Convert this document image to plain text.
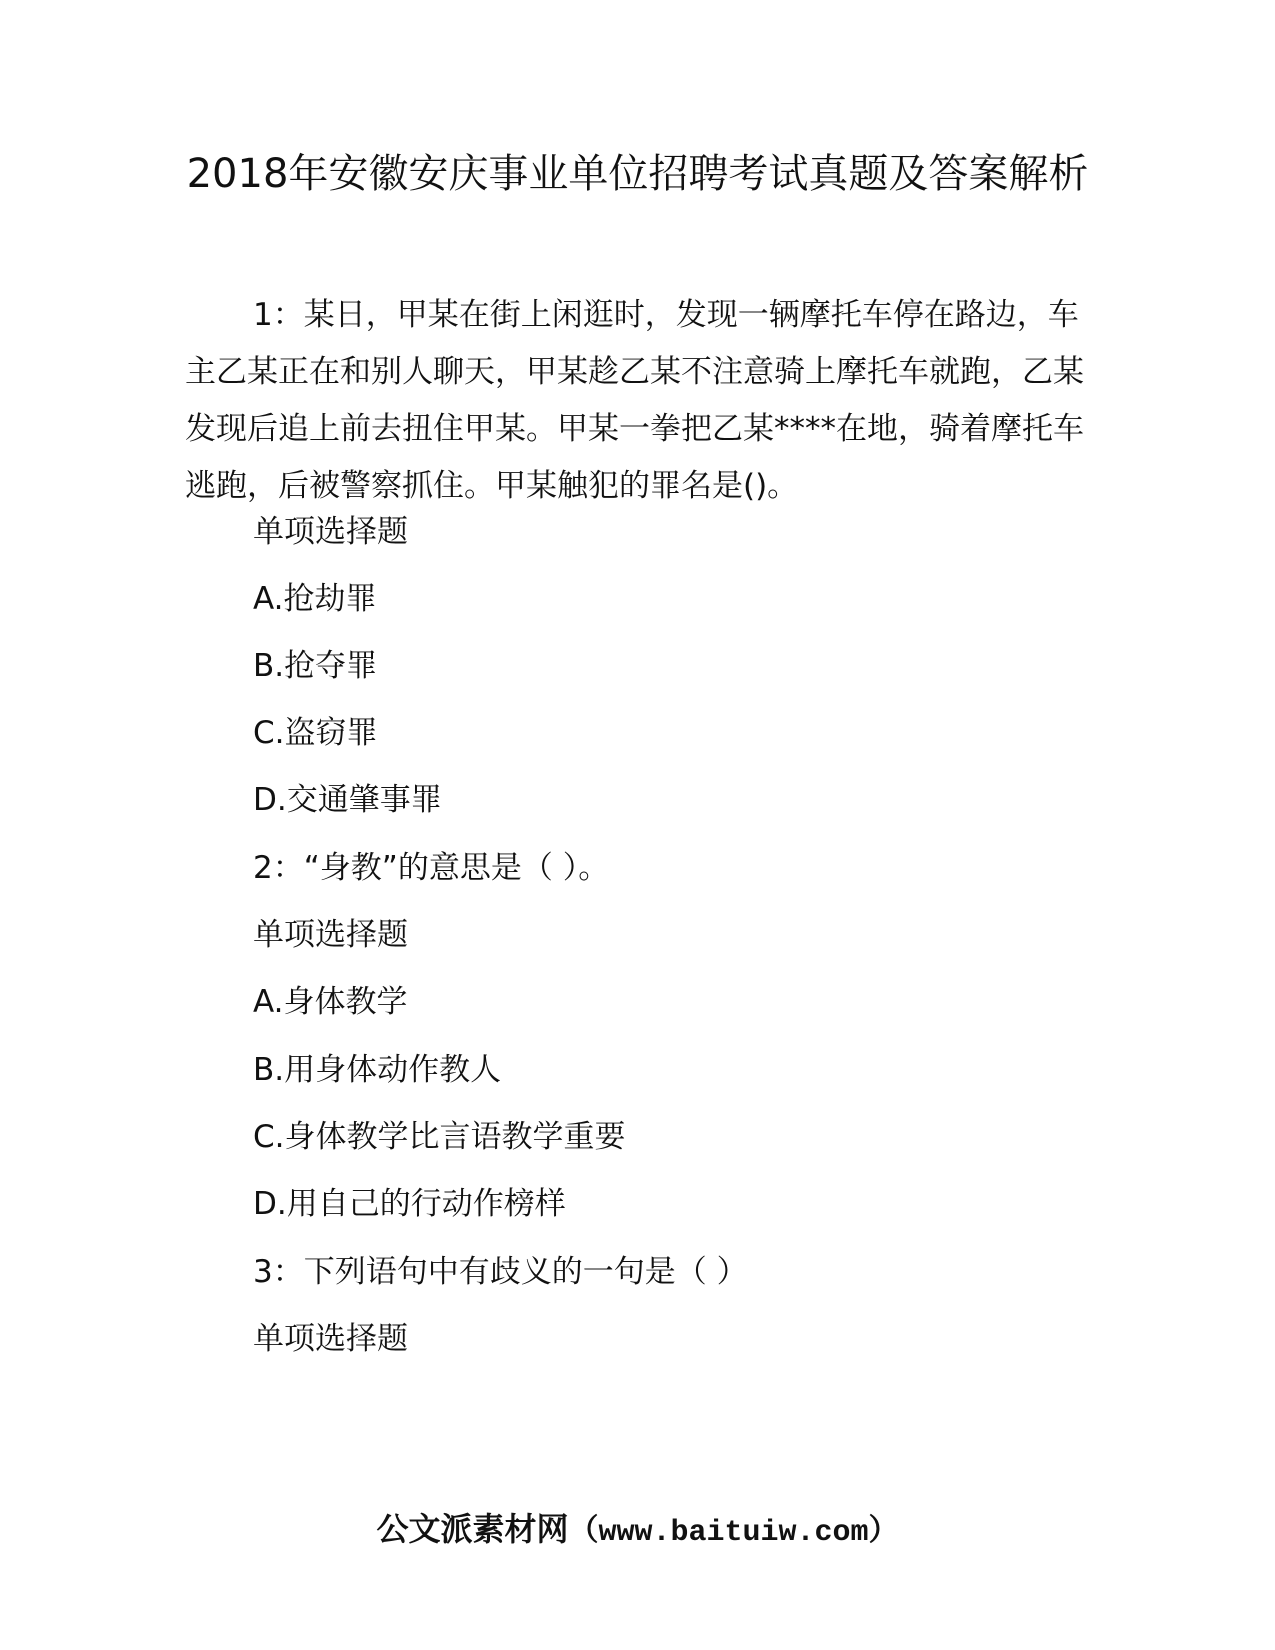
2018年安徽安庆事业单位招聘考试真题及答案解析

1：某日，甲某在街上闲逛时，发现一辆摩托车停在路边，车主乙某正在和别人聊天，甲某趁乙某不注意骑上摩托车就跑，乙某发现后追上前去扭住甲某。甲某一拳把乙某****在地，骑着摩托车逃跑，后被警察抓住。甲某触犯的罪名是()。

单项选择题

A.抢劫罪

B.抢夺罪

C.盗窃罪

D.交通肇事罪

2：“身教”的意思是（ ）。

单项选择题

A.身体教学

B.用身体动作教人

C.身体教学比言语教学重要

D.用自己的行动作榜样

3：下列语句中有歧义的一句是（ ）

单项选择题

公文派素材网（www.baituiw.com）
